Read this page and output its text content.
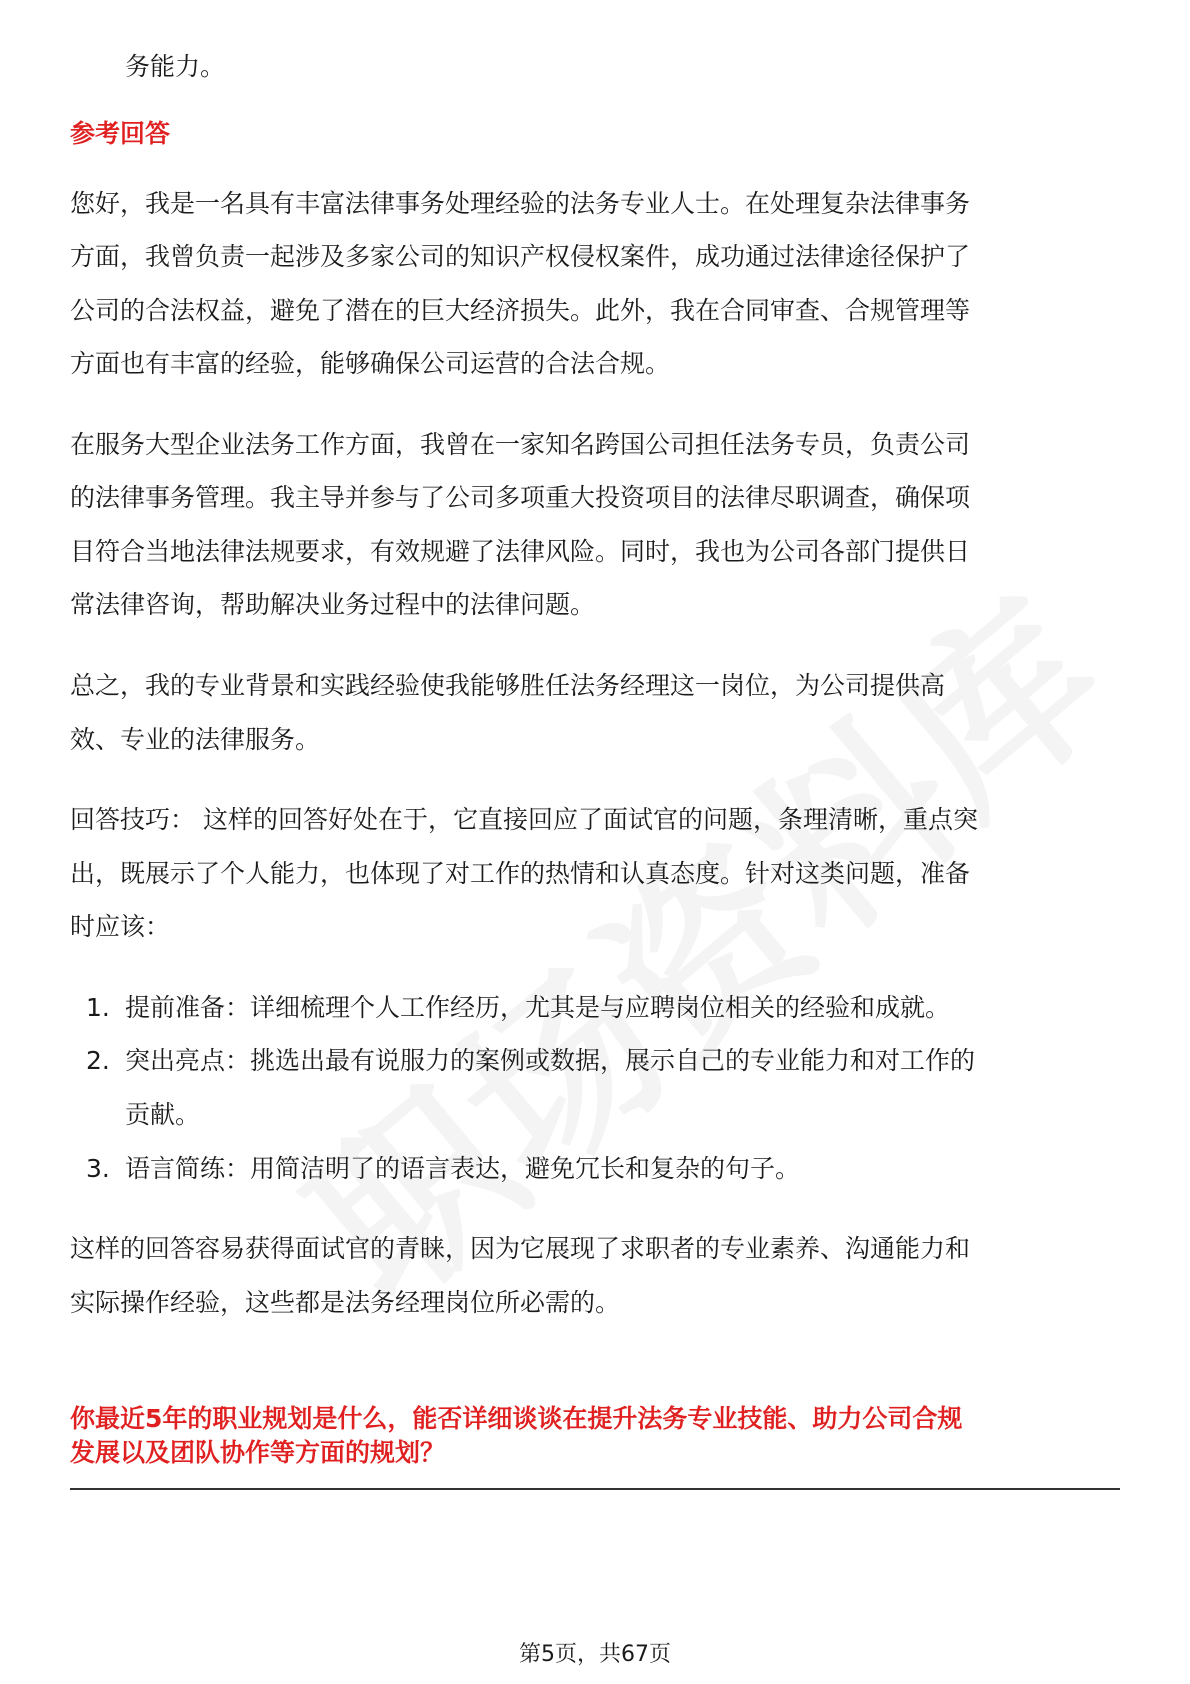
务能力。
参考回答
您好，我是一名具有丰富法律事务处理经验的法务专业人士。在处理复杂法律事务
方面，我曾负责一起涉及多家公司的知识产权侵权案件，成功通过法律途径保护了
公司的合法权益，避免了潜在的巨大经济损失。此外，我在合同审查、合规管理等
方面也有丰富的经验，能够确保公司运营的合法合规。
在服务大型企业法务工作方面，我曾在一家知名跨国公司担任法务专员，负责公司
的法律事务管理。我主导并参与了公司多项重大投资项目的法律尽职调查，确保项
目符合当地法律法规要求，有效规避了法律风险。同时，我也为公司各部门提供日
常法律咨询，帮助解决业务过程中的法律问题。
总之，我的专业背景和实践经验使我能够胜任法务经理这一岗位，为公司提供高
效、专业的法律服务。
回答技巧： 这样的回答好处在于，它直接回应了面试官的问题，条理清晰，重点突
出，既展示了个人能力，也体现了对工作的热情和认真态度。针对这类问题，准备
时应该：
1. 提前准备：详细梳理个人工作经历，尤其是与应聘岗位相关的经验和成就。
2. 突出亮点：挑选出最有说服力的案例或数据，展示自己的专业能力和对工作的
贡献。
3. 语言简练：用简洁明了的语言表达，避免冗长和复杂的句子。
这样的回答容易获得面试官的青睐，因为它展现了求职者的专业素养、沟通能力和
实际操作经验，这些都是法务经理岗位所必需的。
你最近5年的职业规划是什么，能否详细谈谈在提升法务专业技能、助力公司合规
发展以及团队协作等方面的规划？
第5页，共67页
